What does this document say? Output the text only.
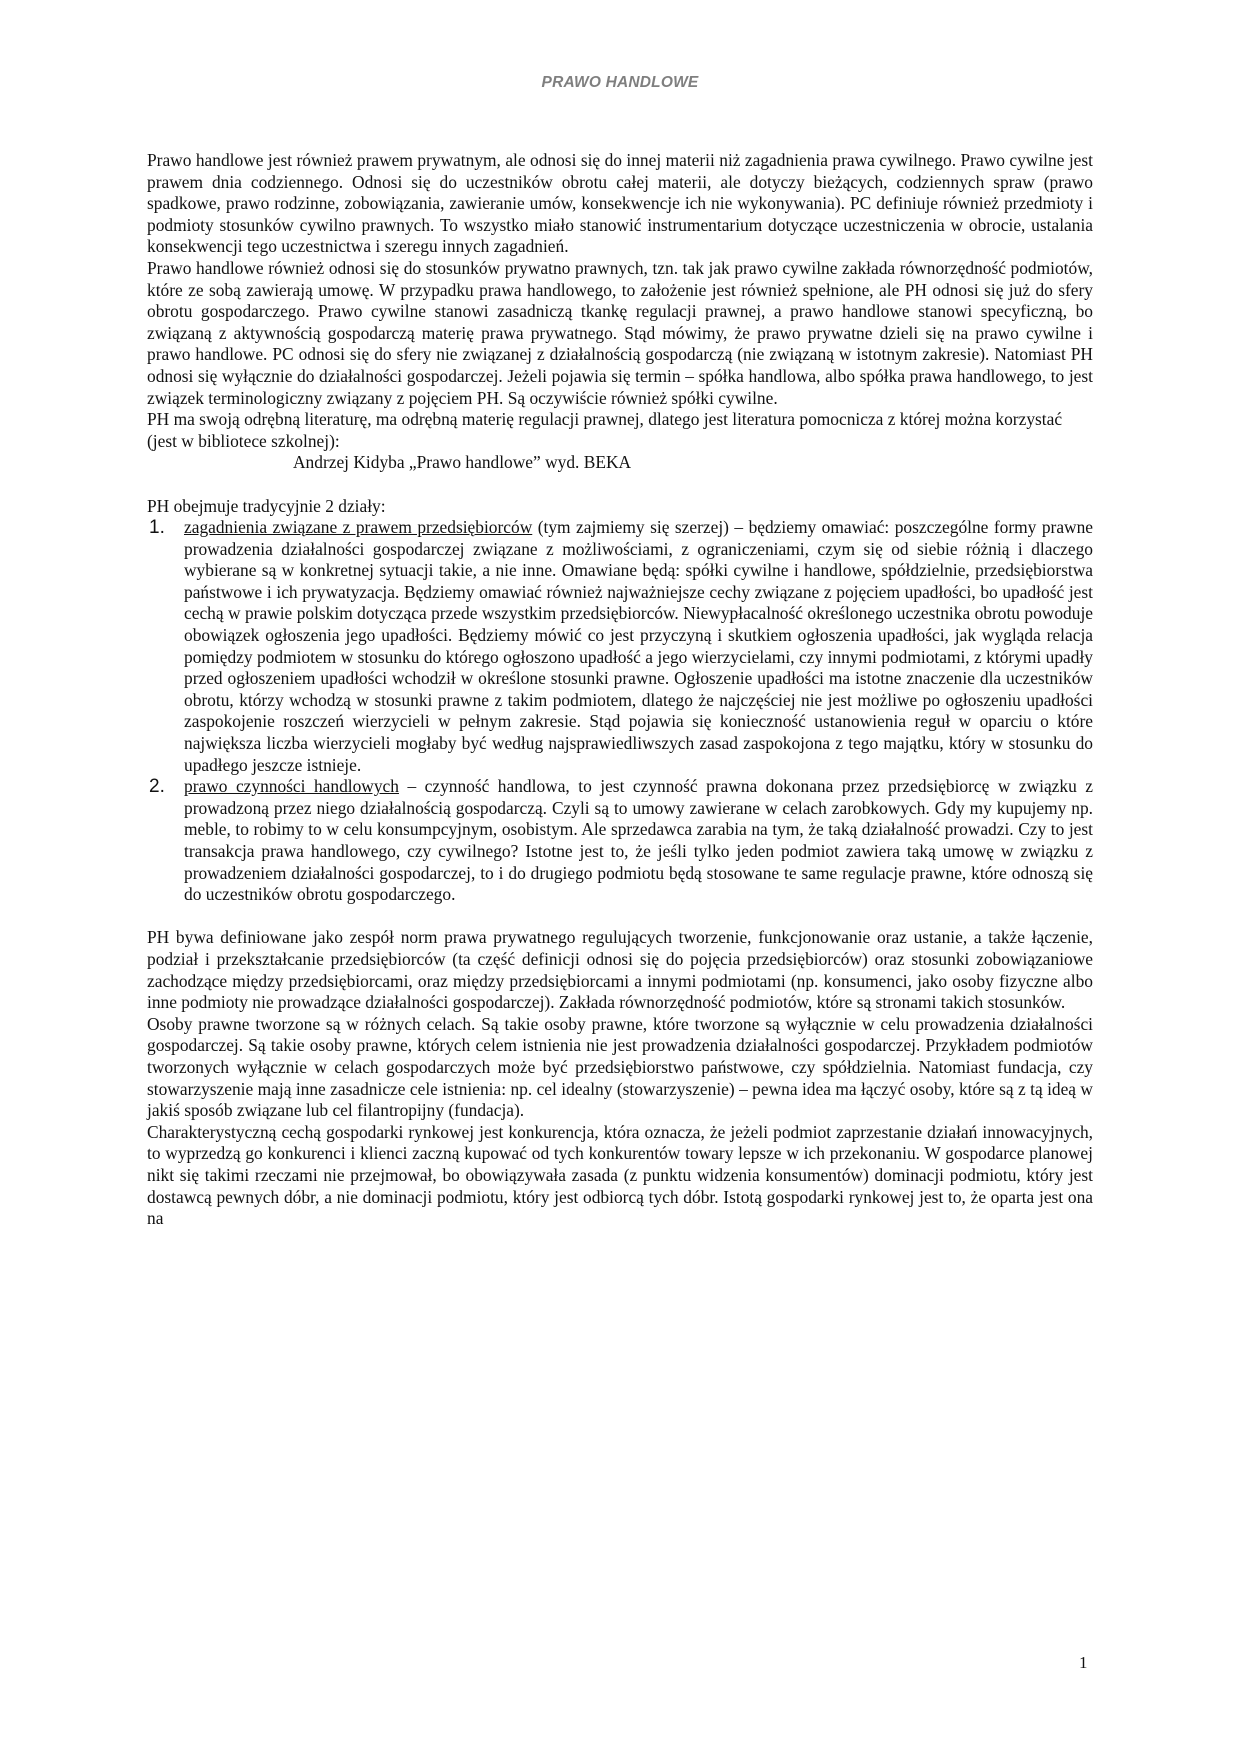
PRAWO HANDLOWE

Prawo handlowe jest również prawem prywatnym, ale odnosi się do innej materii niż zagadnienia prawa cywilnego. Prawo cywilne jest prawem dnia codziennego. Odnosi się do uczestników obrotu całej materii, ale dotyczy bieżących, codziennych spraw (prawo spadkowe, prawo rodzinne, zobowiązania, zawieranie umów, konsekwencje ich nie wykonywania). PC definiuje również przedmioty i podmioty stosunków cywilno prawnych. To wszystko miało stanowić instrumentarium dotyczące uczestniczenia w obrocie, ustalania konsekwencji tego uczestnictwa i szeregu innych zagadnień.

Prawo handlowe również odnosi się do stosunków prywatno prawnych, tzn. tak jak prawo cywilne zakłada równorzędność podmiotów, które ze sobą zawierają umowę. W przypadku prawa handlowego, to założenie jest również spełnione, ale PH odnosi się już do sfery obrotu gospodarczego. Prawo cywilne stanowi zasadniczą tkankę regulacji prawnej, a prawo handlowe stanowi specyficzną, bo związaną z aktywnością gospodarczą materię prawa prywatnego. Stąd mówimy, że prawo prywatne dzieli się na prawo cywilne i prawo handlowe. PC odnosi się do sfery nie związanej z działalnością gospodarczą (nie związaną w istotnym zakresie). Natomiast PH odnosi się wyłącznie do działalności gospodarczej. Jeżeli pojawia się termin – spółka handlowa, albo spółka prawa handlowego, to jest związek terminologiczny związany z pojęciem PH. Są oczywiście również spółki cywilne.

PH ma swoją odrębną literaturę, ma odrębną materię regulacji prawnej, dlatego jest literatura pomocnicza z której można korzystać (jest w bibliotece szkolnej):

Andrzej Kidyba „Prawo handlowe” wyd. BEKA

PH obejmuje tradycyjnie 2 działy:

1. zagadnienia związane z prawem przedsiębiorców (tym zajmiemy się szerzej) – będziemy omawiać: poszczególne formy prawne prowadzenia działalności gospodarczej związane z możliwościami, z ograniczeniami, czym się od siebie różnią i dlaczego wybierane są w konkretnej sytuacji takie, a nie inne. Omawiane będą: spółki cywilne i handlowe, spółdzielnie, przedsiębiorstwa państwowe i ich prywatyzacja. Będziemy omawiać również najważniejsze cechy związane z pojęciem upadłości, bo upadłość jest cechą w prawie polskim dotycząca przede wszystkim przedsiębiorców. Niewypłacalność określonego uczestnika obrotu powoduje obowiązek ogłoszenia jego upadłości. Będziemy mówić co jest przyczyną i skutkiem ogłoszenia upadłości, jak wygląda relacja pomiędzy podmiotem w stosunku do którego ogłoszono upadłość a jego wierzycielami, czy innymi podmiotami, z którymi upadły przed ogłoszeniem upadłości wchodził w określone stosunki prawne. Ogłoszenie upadłości ma istotne znaczenie dla uczestników obrotu, którzy wchodzą w stosunki prawne z takim podmiotem, dlatego że najczęściej nie jest możliwe po ogłoszeniu upadłości zaspokojenie roszczeń wierzycieli w pełnym zakresie. Stąd pojawia się konieczność ustanowienia reguł w oparciu o które największa liczba wierzycieli mogłaby być według najsprawiedliwszych zasad zaspokojona z tego majątku, który w stosunku do upadłego jeszcze istnieje.
2. prawo czynności handlowych – czynność handlowa, to jest czynność prawna dokonana przez przedsiębiorcę w związku z prowadzoną przez niego działalnością gospodarczą. Czyli są to umowy zawierane w celach zarobkowych. Gdy my kupujemy np. meble, to robimy to w celu konsumpcyjnym, osobistym. Ale sprzedawca zarabia na tym, że taką działalność prowadzi. Czy to jest transakcja prawa handlowego, czy cywilnego? Istotne jest to, że jeśli tylko jeden podmiot zawiera taką umowę w związku z prowadzeniem działalności gospodarczej, to i do drugiego podmiotu będą stosowane te same regulacje prawne, które odnoszą się do uczestników obrotu gospodarczego.

PH bywa definiowane jako zespół norm prawa prywatnego regulujących tworzenie, funkcjonowanie oraz ustanie, a także łączenie, podział i przekształcanie przedsiębiorców (ta część definicji odnosi się do pojęcia przedsiębiorców) oraz stosunki zobowiązaniowe zachodzące między przedsiębiorcami, oraz między przedsiębiorcami a innymi podmiotami (np. konsumenci, jako osoby fizyczne albo inne podmioty nie prowadzące działalności gospodarczej). Zakłada równorzędność podmiotów, które są stronami takich stosunków.

Osoby prawne tworzone są w różnych celach. Są takie osoby prawne, które tworzone są wyłącznie w celu prowadzenia działalności gospodarczej. Są takie osoby prawne, których celem istnienia nie jest prowadzenia działalności gospodarczej. Przykładem podmiotów tworzonych wyłącznie w celach gospodarczych może być przedsiębiorstwo państwowe, czy spółdzielnia. Natomiast fundacja, czy stowarzyszenie mają inne zasadnicze cele istnienia: np. cel idealny (stowarzyszenie) – pewna idea ma łączyć osoby, które są z tą ideą w jakiś sposób związane lub cel filantropijny (fundacja).

Charakterystyczną cechą gospodarki rynkowej jest konkurencja, która oznacza, że jeżeli podmiot zaprzestanie działań innowacyjnych, to wyprzedzą go konkurenci i klienci zaczną kupować od tych konkurentów towary lepsze w ich przekonaniu. W gospodarce planowej nikt się takimi rzeczami nie przejmował, bo obowiązywała zasada (z punktu widzenia konsumentów) dominacji podmiotu, który jest dostawcą pewnych dóbr, a nie dominacji podmiotu, który jest odbiorcą tych dóbr. Istotą gospodarki rynkowej jest to, że oparta jest ona na

1
